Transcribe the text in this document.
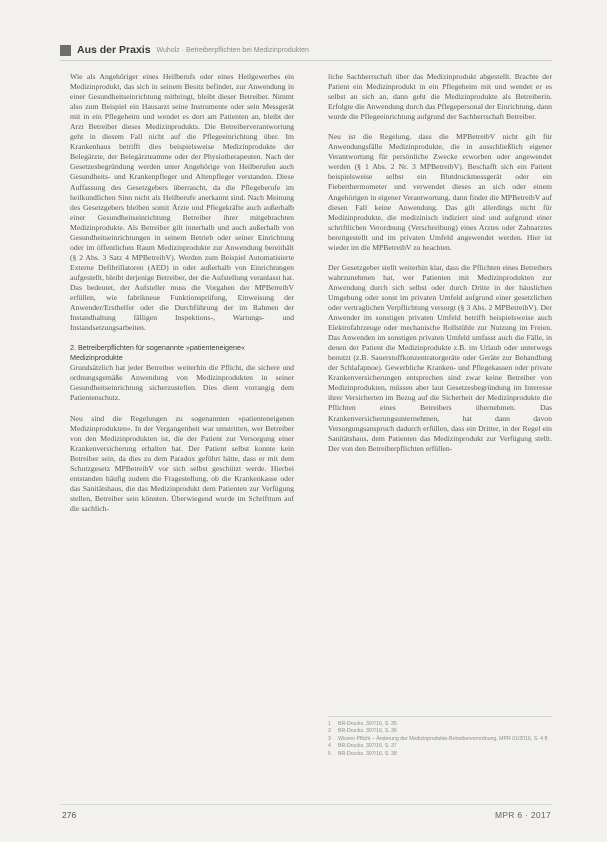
Aus der Praxis Wuholz · Betreiberpflichten bei Medizinprodukten

Wie als Angehöriger eines Heilberufs oder eines Heilgewerbes ein Medizinprodukt, das sich in seinem Besitz befindet, zur Anwendung in einer Gesundheitseinrichtung mitbringt, bleibt dieser Betreiber. Nimmt also zum Beispiel ein Hausarzt seine Instrumente oder sein Messgerät mit in ein Pflegeheim und wendet es dort am Patienten an, bleibt der Arzt Betreiber dieses Medizinprodukts. Die Betreiberverantwortung geht in diesem Fall nicht auf die Pflegeeinrichtung über. Im Krankenhaus betrifft dies beispielsweise Medizinprodukte der Belegärzte, der Belegärzteamme oder der Physiotherapeuten. Nach der Gesetzesbegründung werden unter Angehörige von Heilberufen auch Gesundheits- und Krankenpfleger und Altenpfleger verstanden. Diese Auffassung des Gesetzgebers überrascht, da die Pflegeberufe im heilkundlichen Sinn nicht als Heilberufe anerkannt sind. Nach Meinung des Gesetzgebers bleiben somit Ärzte und Pflegekräfte auch außerhalb einer Gesundheitseinrichtung Betreiber ihrer mitgebrachten Medizinprodukte. Als Betreiber gilt innerhalb und auch außerhalb von Gesundheitseinrichtungen in seinem Betrieb oder seiner Einrichtung oder im öffentlichen Raum Medizinprodukte zur Anwendung bereithält (§ 2 Abs. 3 Satz 4 MPBetreibV). Werden zum Beispiel Automatisierte Externe Defibrillatoren (AED) in oder außerhalb von Einrichtungen aufgestellt, bleibt derjenige Betreiber, der die Aufstellung veranlasst hat. Das bedeutet, der Aufsteller muss die Vorgaben der MPBetreibV erfüllen, wie fabrikneue Funktionsprüfung, Einweisung der Anwender/Ersthelfer oder die Durchführung der im Rahmen der Instandhaltung fälligen Inspektions-, Wartungs- und Instandsetzungsarbeiten.

2. Betreiberpflichten für sogenannte »patienteneigene« Medizinprodukte

Grundsätzlich hat jeder Betreiber weiterhin die Pflicht, die sichere und ordnungsgemäße Anwendung von Medizinprodukten in seiner Gesundheitseinrichtung sicherzustellen. Dies dient vorrangig dem Patientenschutz.

Neu sind die Regelungen zu sogenannten »patienteneigenen Medizinprodukten«. In der Vergangenheit war umstritten, wer Betreiber von den Medizinprodukten ist, die der Patient zur Versorgung einer Krankenversicherung erhalten hat. Der Patient selbst konnte kein Betreiber sein, da dies zu dem Paradox geführt hätte, dass er mit dem Schutzgesetz MPBetreibV vor sich selbst geschützt werde. Hierbei entstanden häufig zudem die Fragestellung, ob die Krankenkasse oder das Sanitätshaus, die das Medizinprodukt dem Patienten zur Verfügung stellen, Betreiber sein könnten. Überwiegend wurde im Schrifttum auf die sachlich-

liche Sachherrschaft über das Medizinprodukt abgestellt. Brachte der Patient ein Medizinprodukt in ein Pflegeheim mit und wendet er es selbst an sich an, dann geht die Medizinprodukte als Betreiberin. Erfolgte die Anwendung durch das Pflegepersonal der Einrichtung, dann wurde die Pflegeeinrichtung aufgrund der Sachherrschaft Betreiber.

Neu ist die Regelung, dass die MPBetreibV nicht gilt für Anwendungsfälle Medizinprodukte, die in ausschließlich eigener Verantwortung für persönliche Zwecke erworben oder angewendet werden (§ 1 Abs. 2 Nr. 3 MPBetreibV). Beschafft sich ein Patient beispielsweise selbst ein Blutdruckmessgerät oder ein Fieberthermometer und verwendet dieses an sich oder einem Angehörigen in eigener Verantwortung, dann findet die MPBetreibV auf diesen Fall keine Anwendung. Das gilt allerdings nicht für Medizinprodukte, die medizinisch indiziert sind und aufgrund einer schriftlichen Verordnung (Verschreibung) eines Arztes oder Zahnarztes bereitgestellt und im privaten Umfeld angewendet werden. Hier ist wieder im die MPBetreibV zu beachten.

Der Gesetzgeber stellt weiterhin klar, dass die Pflichten eines Betreibers wahrzunehmen hat, wer Patienten mit Medizinprodukten zur Anwendung durch sich selbst oder durch Dritte in der häuslichen Umgebung oder sonst im privaten Umfeld aufgrund einer gesetzlichen oder vertraglichen Verpflichtung versorgt (§ 3 Abs. 2 MPBetreibV). Der Anwender im sonstigen privaten Umfeld betrifft beispielsweise auch Elektrofahrzeuge oder mechanische Rollstühle zur Nutzung im Freien. Das Anwenden im sonstigen privaten Umfeld umfasst auch die Fälle, in denen der Patient die Medizinprodukte z.B. im Urlaub oder unterwegs benutzt (z.B. Sauerstoffkonzentratorgeräte oder Geräte zur Behandlung der Schlafapnoe). Gewerbliche Kranken- und Pflegekassen oder private Krankenversicherungen entsprechen sind zwar keine Betreiber von Medizinprodukten, müssen aber laut Gesetzesbegründung im Interesse ihrer Versicherten im Bezug auf die Sicherheit der Medizinprodukte die Pflichten eines Betreibers übernehmen. Das Krankenversicherungsunternehmen, hat dann davon Versorgungsanspruch dadurch erfüllen, dass ein Dritter, in der Regel ein Sanitätshaus, dem Patienten das Medizinprodukt zur Verfügung stellt. Der von den Betreiberpflichten erfüllen-

1	BR-Drucks. 397/16, S. 35
2	BR-Drucks. 397/16, S. 36
3	Wissen Pflicht – Änderung der Medizinprodukte-Betreiberverordnung, MPR 01/2016, S. 4 ff.
4	BR-Drucks. 397/16, S. 37
5	BR-Drucks. 397/16, S. 38
276	MPR 6 · 2017
